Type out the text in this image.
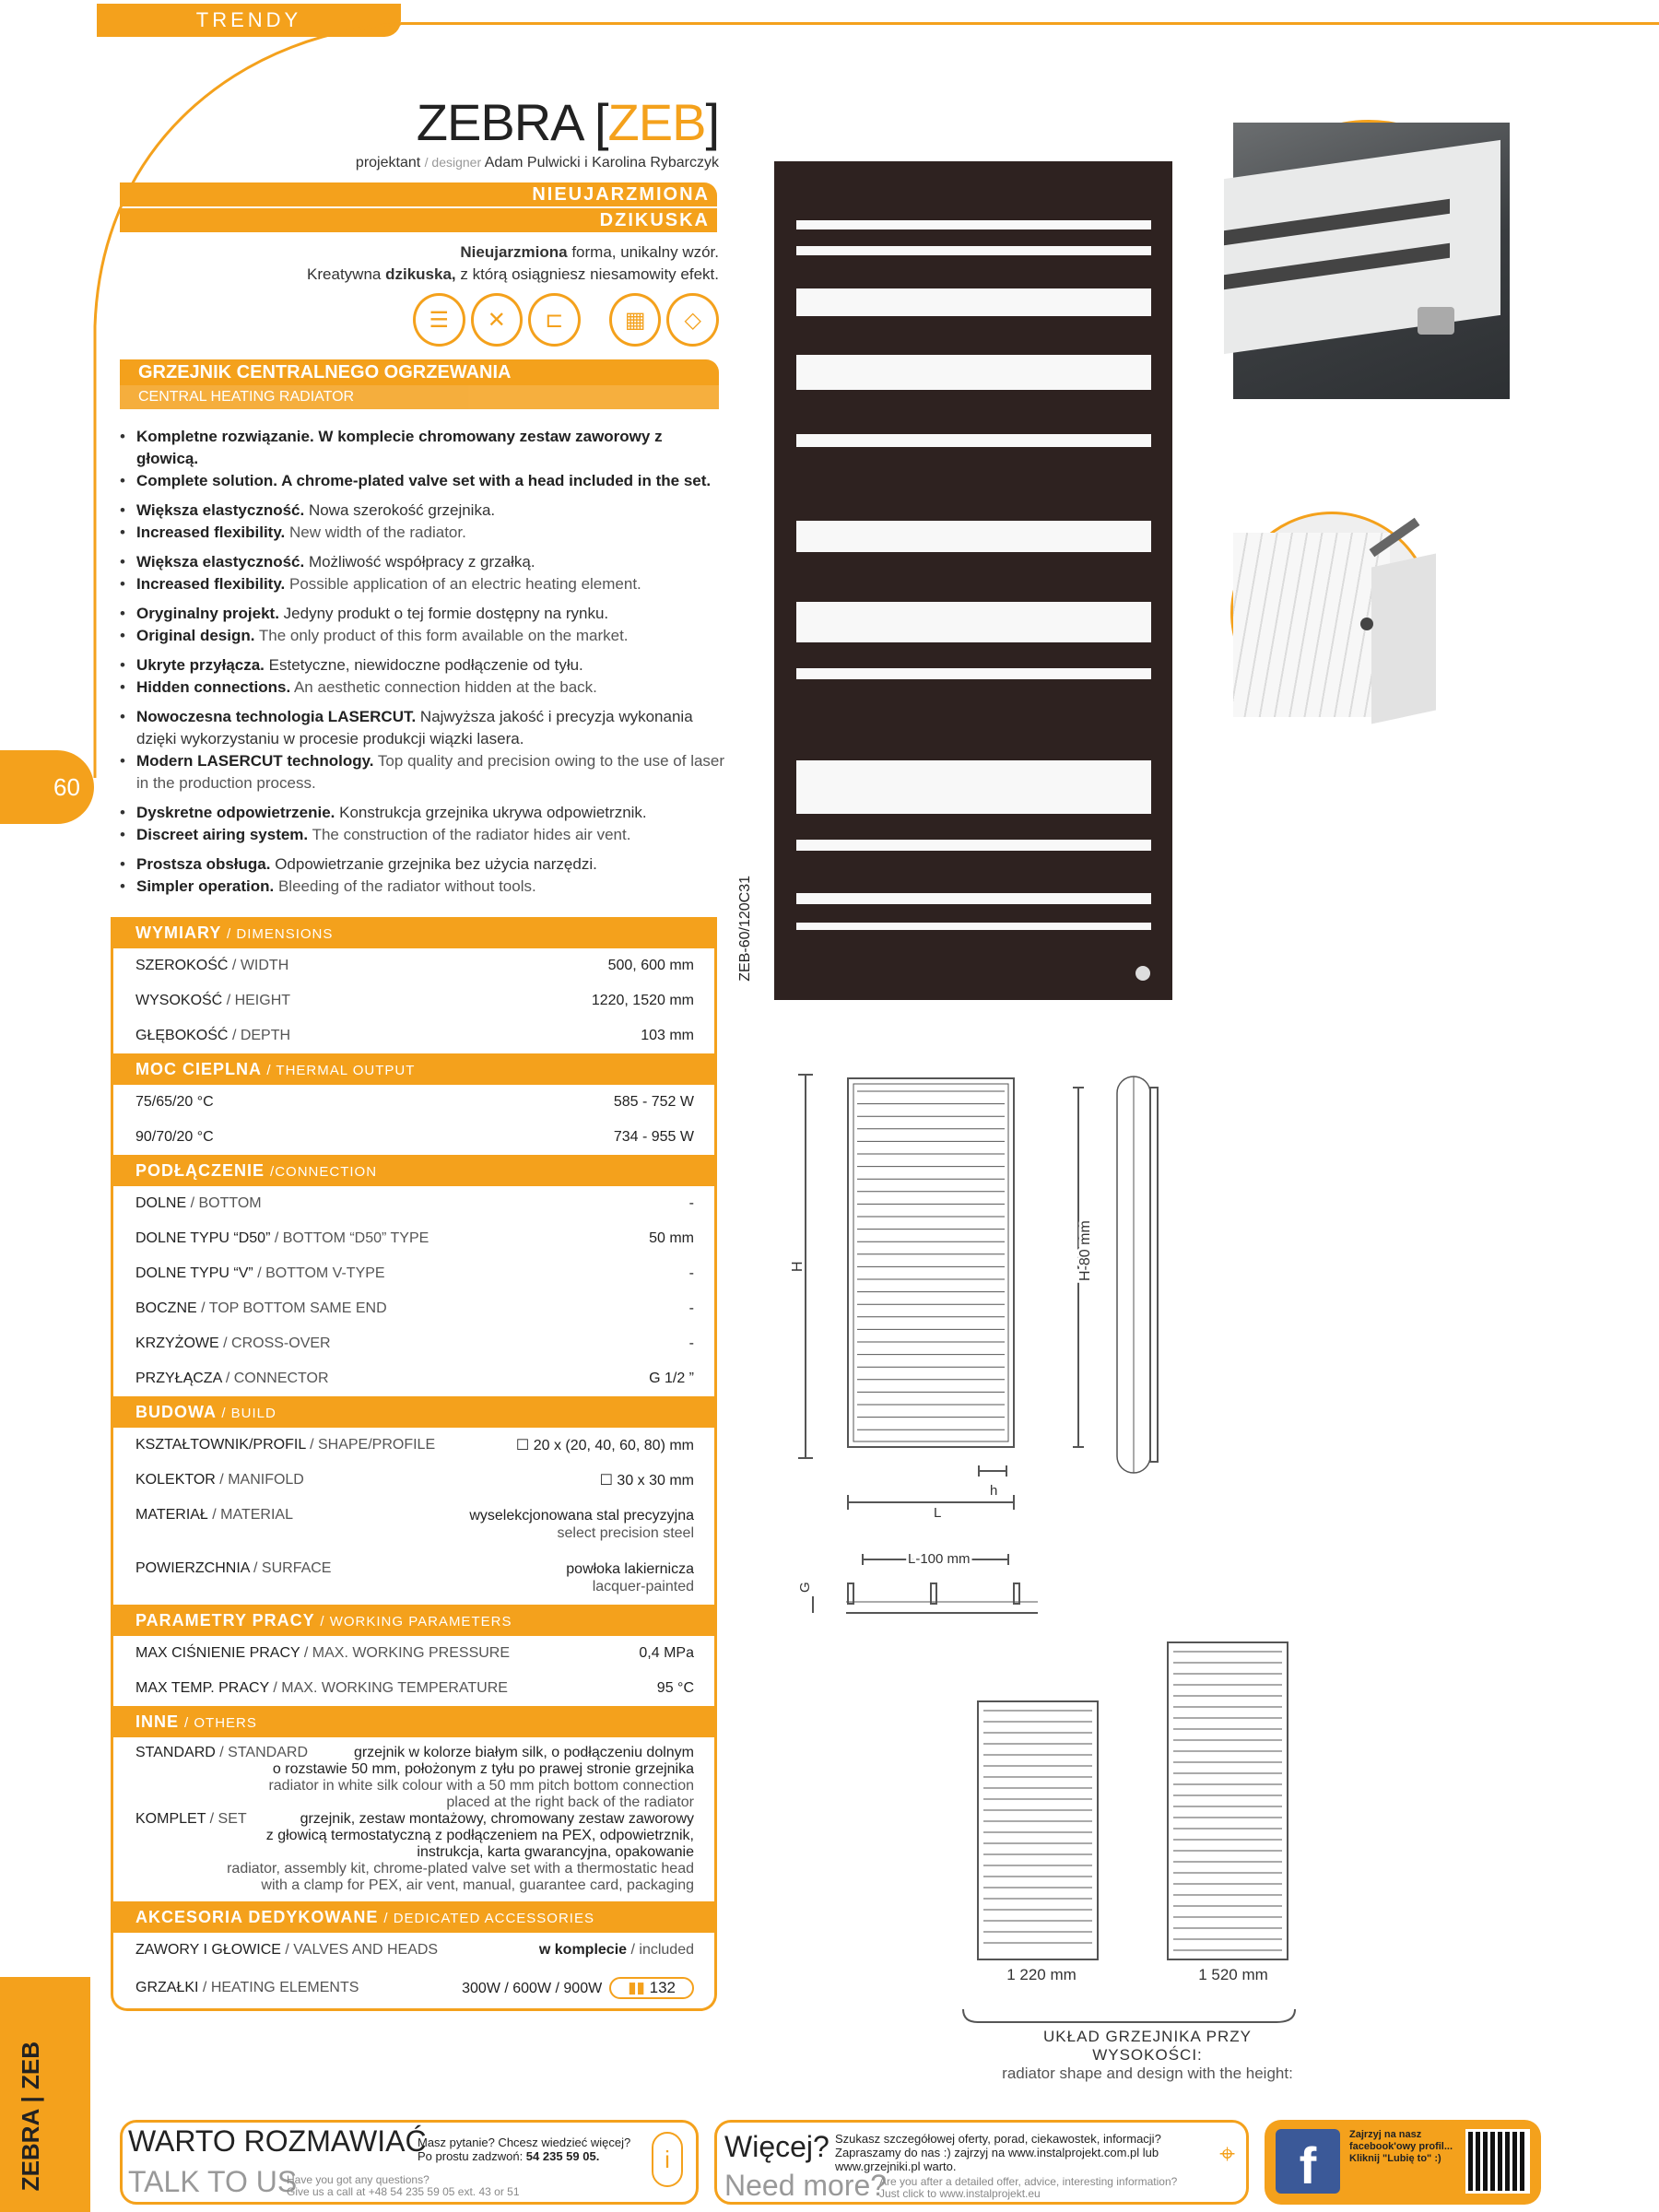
TRENDY
60
ZEBRA | ZEB
ZEBRA [ZEB]
projektant / designer Adam Pulwicki i Karolina Rybarczyk
NIEUJARZMIONA
DZIKUSKA
Nieujarzmiona forma, unikalny wzór.
Kreatywna dzikuska, z którą osiągniesz niesamowity efekt.
☰	✕	⊏	▦	◇
GRZEJNIK CENTRALNEGO OGRZEWANIA
CENTRAL HEATING RADIATOR
• Kompletne rozwiązanie. W komplecie chromowany zestaw zaworowy z głowicą.
• Complete solution. A chrome-plated valve set with a head included in the set.
• Większa elastyczność. Nowa szerokość grzejnika.
• Increased flexibility. New width of the radiator.
• Większa elastyczność. Możliwość współpracy z grzałką.
• Increased flexibility. Possible application of an electric heating element.
• Oryginalny projekt. Jedyny produkt o tej formie dostępny na rynku.
• Original design. The only product of this form available on the market.
• Ukryte przyłącza. Estetyczne, niewidoczne podłączenie od tyłu.
• Hidden connections. An aesthetic connection hidden at the back.
• Nowoczesna technologia LASERCUT. Najwyższa jakość i precyzja wykonania dzięki wykorzystaniu w procesie produkcji wiązki lasera.
• Modern LASERCUT technology. Top quality and precision owing to the use of laser in the production process.
• Dyskretne odpowietrzenie. Konstrukcja grzejnika ukrywa odpowietrznik.
• Discreet airing system. The construction of the radiator hides air vent.
• Prostsza obsługa. Odpowietrzanie grzejnika bez użycia narzędzi.
• Simpler operation. Bleeding of the radiator without tools.	ZEB-60/120C31
WYMIARY / DIMENSIONS
SZEROKOŚĆ / WIDTH	500, 600 mm
WYSOKOŚĆ / HEIGHT	1220, 1520 mm
GŁĘBOKOŚĆ / DEPTH	103 mm
MOC CIEPLNA / THERMAL OUTPUT
75/65/20 °C	585 - 752 W
90/70/20 °C	734 - 955 W
PODŁĄCZENIE /CONNECTION
DOLNE / BOTTOM	-
DOLNE TYPU “D50” / BOTTOM “D50” TYPE	50 mm
DOLNE TYPU “V” / BOTTOM V-TYPE	-
BOCZNE / TOP BOTTOM SAME END	-
KRZYŻOWE / CROSS-OVER	-
PRZYŁĄCZA / CONNECTOR	G 1/2 ”
BUDOWA / BUILD
KSZTAŁTOWNIK/PROFIL / SHAPE/PROFILE	☐ 20 x (20, 40, 60, 80) mm
KOLEKTOR / MANIFOLD	☐ 30 x 30 mm
MATERIAŁ / MATERIAL	wyselekcjonowana stal precyzyjna
select precision steel
POWIERZCHNIA / SURFACE	powłoka lakiernicza
lacquer-painted
PARAMETRY PRACY / WORKING PARAMETERS
MAX CIŚNIENIE PRACY / MAX. WORKING PRESSURE	0,4 MPa
MAX TEMP. PRACY / MAX. WORKING TEMPERATURE	95 °C
INNE / OTHERS
STANDARD / STANDARD	grzejnik w kolorze białym silk, o podłączeniu dolnym
o rozstawie 50 mm, położonym z tyłu po prawej stronie grzejnika
radiator in white silk colour with a 50 mm pitch bottom connection
placed at the right back of the radiator
KOMPLET / SET	grzejnik, zestaw montażowy, chromowany zestaw zaworowy
z głowicą termostatyczną z podłączeniem na PEX, odpowietrznik,
instrukcja, karta gwarancyjna, opakowanie
radiator, assembly kit, chrome-plated valve set with a thermostatic head
with a clamp for PEX, air vent, manual, guarantee card, packaging
AKCESORIA DEDYKOWANE / DEDICATED ACCESSORIES
ZAWORY I GŁOWICE / VALVES AND HEADS	w komplecie / included
GRZAŁKI / HEATING ELEMENTS	300W / 600W / 900W ▮▮ 132
H
h
L
L-100 mm
G
H-80 mm
1 220 mm	1 520 mm
UKŁAD GRZEJNIKA PRZY WYSOKOŚCI:
radiator shape and design with the height:
WARTO ROZMAWIAĆ
TALK TO US
Masz pytanie? Chcesz wiedzieć więcej?
Po prostu zadzwoń: 54 235 59 05.
Have you got any questions?
Give us a call at +48 54 235 59 05 ext. 43 or 51
i	Więcej?
Need more?
Szukasz szczegółowej oferty, porad, ciekawostek, informacji?
Zapraszamy do nas :) zajrzyj na www.instalprojekt.com.pl lub
www.grzejniki.pl warto.
Are you after a detailed offer, advice, interesting information?
Just click to www.instalprojekt.eu
⌖	f
Zajrzyj na nasz
facebook'owy profil...
Kliknij "Lubię to" :)
